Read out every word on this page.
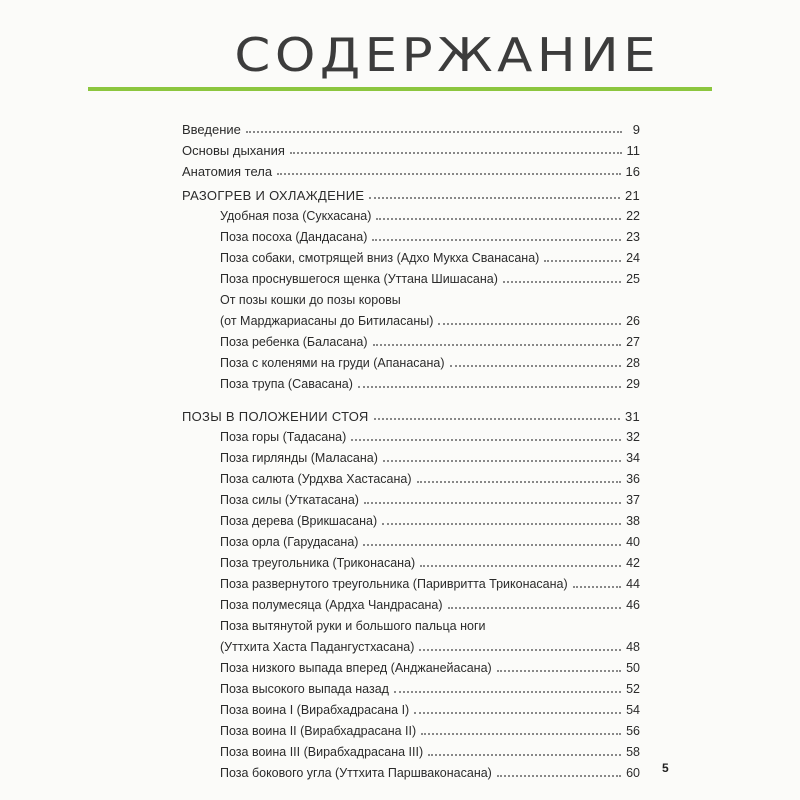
СОДЕРЖАНИЕ
Введение	9
Основы дыхания	11
Анатомия тела	16
РАЗОГРЕВ И ОХЛАЖДЕНИЕ	21
Удобная поза (Сукхасана)	22
Поза посоха (Дандасана)	23
Поза собаки, смотрящей вниз (Адхо Мукха Сванасана)	24
Поза проснувшегося щенка (Уттана Шишасана)	25
От позы кошки до позы коровы
(от Марджариасаны до Битиласаны)	26
Поза ребенка (Баласана)	27
Поза с коленями на груди (Апанасана)	28
Поза трупа (Савасана)	29
ПОЗЫ В ПОЛОЖЕНИИ СТОЯ	31
Поза горы (Тадасана)	32
Поза гирлянды (Маласана)	34
Поза салюта (Урдхва Хастасана)	36
Поза силы (Уткатасана)	37
Поза дерева (Врикшасана)	38
Поза орла (Гарудасана)	40
Поза треугольника (Триконасана)	42
Поза развернутого треугольника (Паривритта Триконасана)	44
Поза полумесяца (Ардха Чандрасана)	46
Поза вытянутой руки и большого пальца ноги
(Уттхита Хаста Падангустхасана)	48
Поза низкого выпада вперед (Анджанейасана)	50
Поза высокого выпада назад	52
Поза воина I (Вирабхадрасана I)	54
Поза воина II (Вирабхадрасана II)	56
Поза воина III (Вирабхадрасана III)	58
Поза бокового угла (Уттхита Паршваконасана)	60 5
